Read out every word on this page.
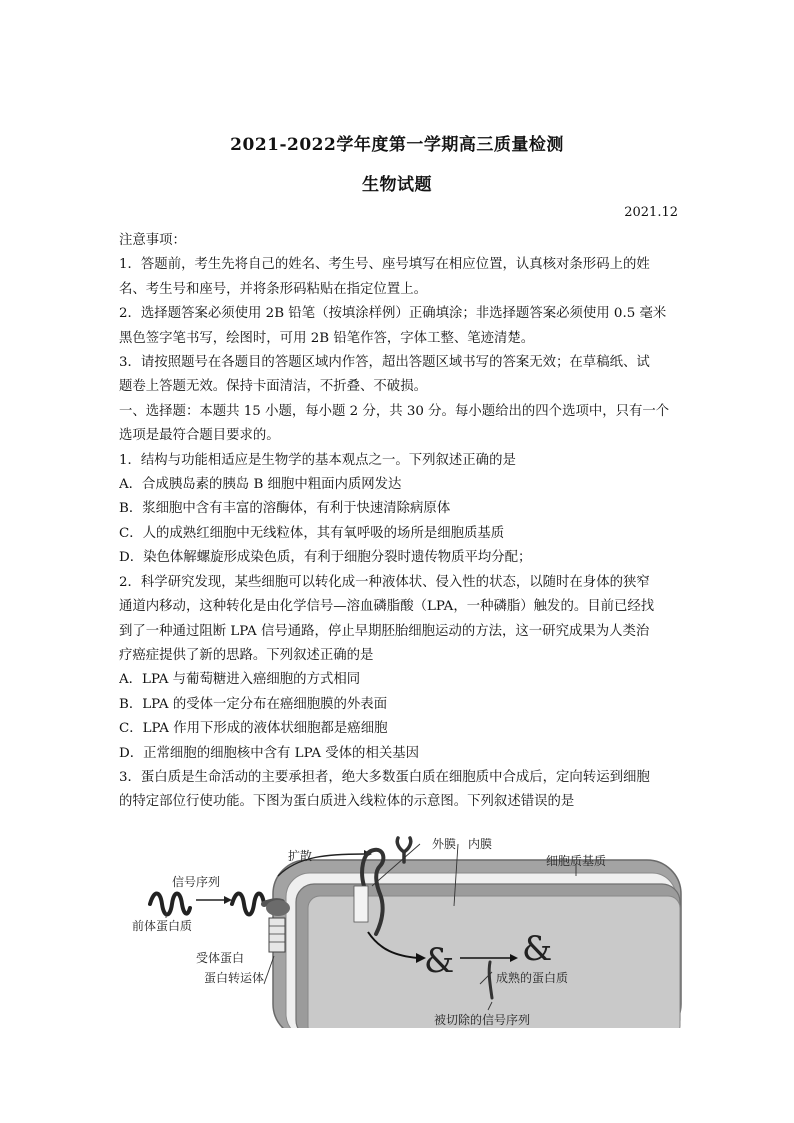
2021-2022学年度第一学期高三质量检测
生物试题
2021.12

注意事项：

1．答题前，考生先将自己的姓名、考生号、座号填写在相应位置，认真核对条形码上的姓

名、考生号和座号，并将条形码粘贴在指定位置上。

2．选择题答案必须使用 2B 铅笔（按填涂样例）正确填涂；非选择题答案必须使用 0.5 毫米

黑色签字笔书写，绘图时，可用 2B 铅笔作答，字体工整、笔迹清楚。

3．请按照题号在各题目的答题区域内作答，超出答题区域书写的答案无效；在草稿纸、试

题卷上答题无效。保持卡面清洁，不折叠、不破损。

一、选择题：本题共 15 小题，每小题 2 分，共 30 分。每小题给出的四个选项中，只有一个

选项是最符合题目要求的。

1．结构与功能相适应是生物学的基本观点之一。下列叙述正确的是

A．合成胰岛素的胰岛 B 细胞中粗面内质网发达

B．浆细胞中含有丰富的溶酶体，有利于快速清除病原体

C．人的成熟红细胞中无线粒体，其有氧呼吸的场所是细胞质基质

D．染色体解螺旋形成染色质，有利于细胞分裂时遗传物质平均分配；

2．科学研究发现，某些细胞可以转化成一种液体状、侵入性的状态，以随时在身体的狭窄

通道内移动，这种转化是由化学信号—溶血磷脂酸（LPA，一种磷脂）触发的。目前已经找

到了一种通过阻断 LPA 信号通路，停止早期胚胎细胞运动的方法，这一研究成果为人类治

疗癌症提供了新的思路。下列叙述正确的是

A．LPA 与葡萄糖进入癌细胞的方式相同

B．LPA 的受体一定分布在癌细胞膜的外表面

C．LPA 作用下形成的液体状细胞都是癌细胞

D．正常细胞的细胞核中含有 LPA 受体的相关基因

3．蛋白质是生命活动的主要承担者，绝大多数蛋白质在细胞质中合成后，定向转运到细胞

的特定部位行使功能。下图为蛋白质进入线粒体的示意图。下列叙述错误的是

& &
扩散
外膜 内膜
细胞质基质
信号序列
前体蛋白质
受体蛋白
蛋白转运体	成熟的蛋白质
被切除的信号序列
